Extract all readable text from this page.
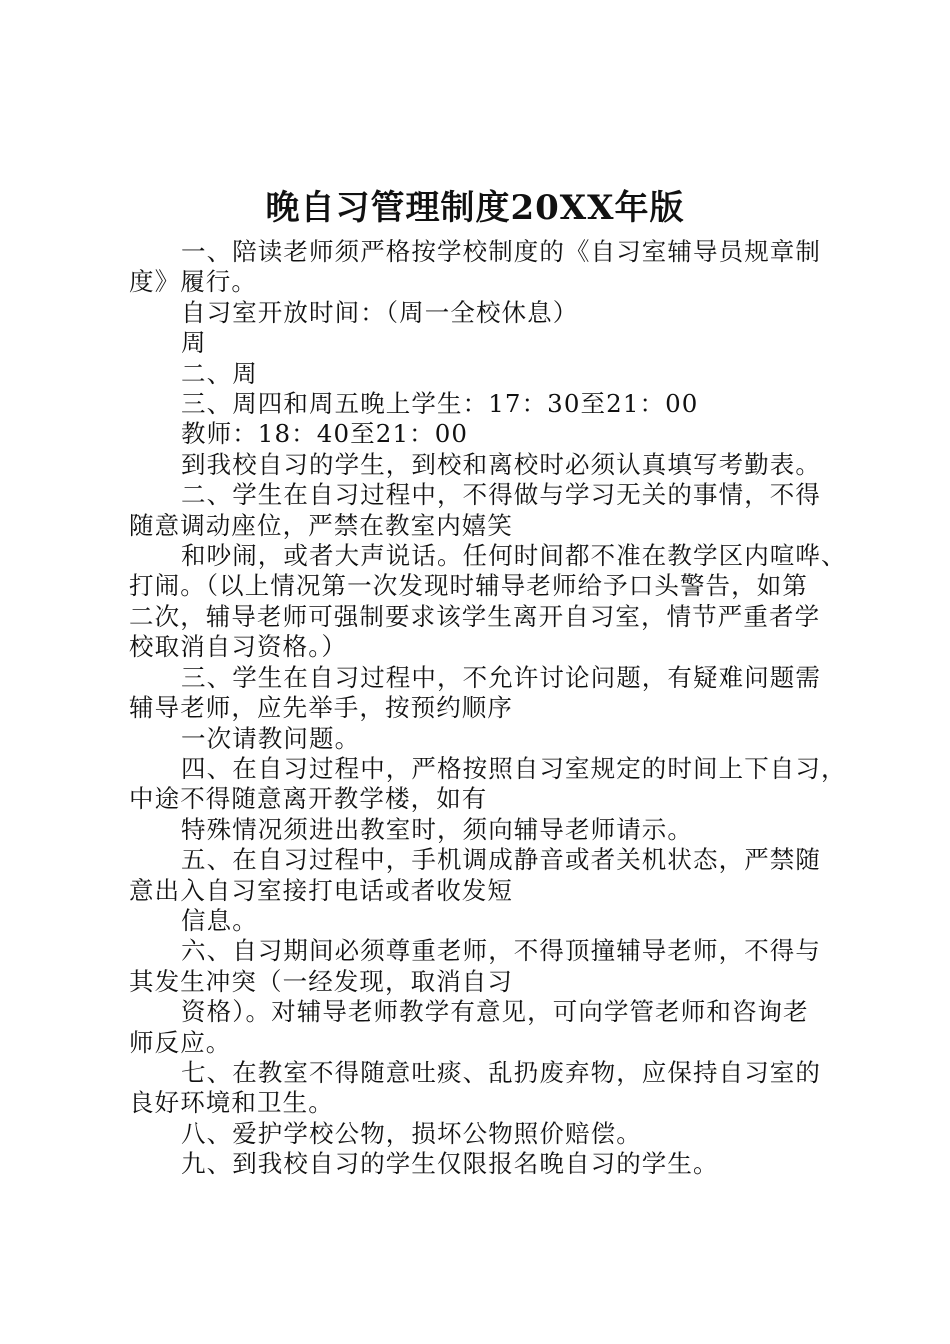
晚自习管理制度20XX年版
一、陪读老师须严格按学校制度的《自习室辅导员规章制
度》履行。
自习室开放时间：（周一全校休息）
周
二、周
三、周四和周五晚上学生：17：30至21：00
教师：18：40至21：00
到我校自习的学生，到校和离校时必须认真填写考勤表。
二、学生在自习过程中，不得做与学习无关的事情，不得
随意调动座位，严禁在教室内嬉笑
和吵闹，或者大声说话。任何时间都不准在教学区内喧哗、
打闹。（以上情况第一次发现时辅导老师给予口头警告，如第
二次，辅导老师可强制要求该学生离开自习室，情节严重者学
校取消自习资格。）
三、学生在自习过程中，不允许讨论问题，有疑难问题需
辅导老师，应先举手，按预约顺序
一次请教问题。
四、在自习过程中，严格按照自习室规定的时间上下自习，
中途不得随意离开教学楼，如有
特殊情况须进出教室时，须向辅导老师请示。
五、在自习过程中，手机调成静音或者关机状态，严禁随
意出入自习室接打电话或者收发短
信息。
六、自习期间必须尊重老师，不得顶撞辅导老师，不得与
其发生冲突（一经发现，取消自习
资格）。对辅导老师教学有意见，可向学管老师和咨询老
师反应。
七、在教室不得随意吐痰、乱扔废弃物，应保持自习室的
良好环境和卫生。
八、爱护学校公物，损坏公物照价赔偿。
九、到我校自习的学生仅限报名晚自习的学生。
